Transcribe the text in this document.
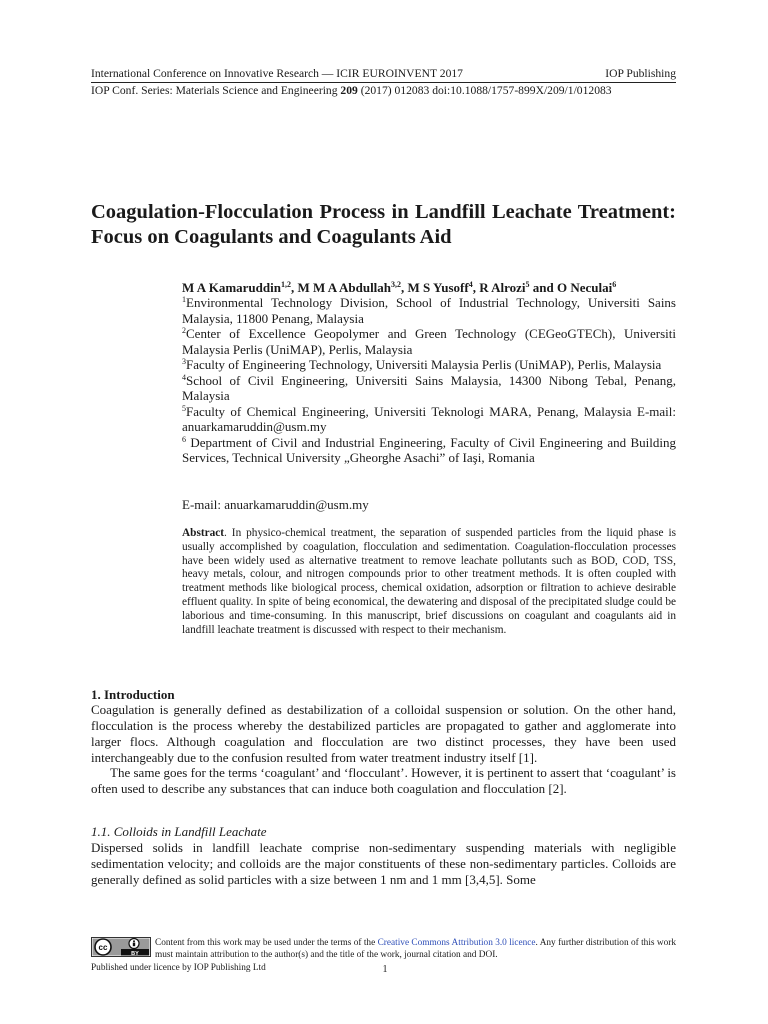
International Conference on Innovative Research — ICIR EUROINVENT 2017	IOP Publishing
IOP Conf. Series: Materials Science and Engineering 209 (2017) 012083 doi:10.1088/1757-899X/209/1/012083
Coagulation-Flocculation Process in Landfill Leachate Treatment: Focus on Coagulants and Coagulants Aid
M A Kamaruddin$^{1,2}$, M M A Abdullah$^{3,2}$, M S Yusoff$^4$, R Alrozi$^5$ and O Neculai$^6$
$^1$Environmental Technology Division, School of Industrial Technology, Universiti Sains Malaysia, 11800 Penang, Malaysia
$^2$Center of Excellence Geopolymer and Green Technology (CEGeoGTECh), Universiti Malaysia Perlis (UniMAP), Perlis, Malaysia
$^3$Faculty of Engineering Technology, Universiti Malaysia Perlis (UniMAP), Perlis, Malaysia
$^4$School of Civil Engineering, Universiti Sains Malaysia, 14300 Nibong Tebal, Penang, Malaysia
$^5$Faculty of Chemical Engineering, Universiti Teknologi MARA, Penang, Malaysia E-mail: anuarkamaruddin@usm.my
$^6$ Department of Civil and Industrial Engineering, Faculty of Civil Engineering and Building Services, Technical University „Gheorghe Asachi” of Iaşi, Romania
E-mail: anuarkamaruddin@usm.my
Abstract. In physico-chemical treatment, the separation of suspended particles from the liquid phase is usually accomplished by coagulation, flocculation and sedimentation. Coagulation-flocculation processes have been widely used as alternative treatment to remove leachate pollutants such as BOD, COD, TSS, heavy metals, colour, and nitrogen compounds prior to other treatment methods. It is often coupled with treatment methods like biological process, chemical oxidation, adsorption or filtration to achieve desirable effluent quality. In spite of being economical, the dewatering and disposal of the precipitated sludge could be laborious and time-consuming. In this manuscript, brief discussions on coagulant and coagulants aid in landfill leachate treatment is discussed with respect to their mechanism.
1. Introduction
Coagulation is generally defined as destabilization of a colloidal suspension or solution. On the other hand, flocculation is the process whereby the destabilized particles are propagated to gather and agglomerate into larger flocs. Although coagulation and flocculation are two distinct processes, they have been used interchangeably due to the confusion resulted from water treatment industry itself [1].
The same goes for the terms ‘coagulant’ and ‘flocculant’. However, it is pertinent to assert that ‘coagulant’ is often used to describe any substances that can induce both coagulation and flocculation [2].
1.1. Colloids in Landfill Leachate
Dispersed solids in landfill leachate comprise non-sedimentary suspending materials with negligible sedimentation velocity; and colloids are the major constituents of these non-sedimentary particles. Colloids are generally defined as solid particles with a size between 1 nm and 1 mm [3,4,5]. Some
cc
BY
Content from this work may be used under the terms of the Creative Commons Attribution 3.0 licence. Any further distribution of this work must maintain attribution to the author(s) and the title of the work, journal citation and DOI.
Published under licence by IOP Publishing Ltd	1
